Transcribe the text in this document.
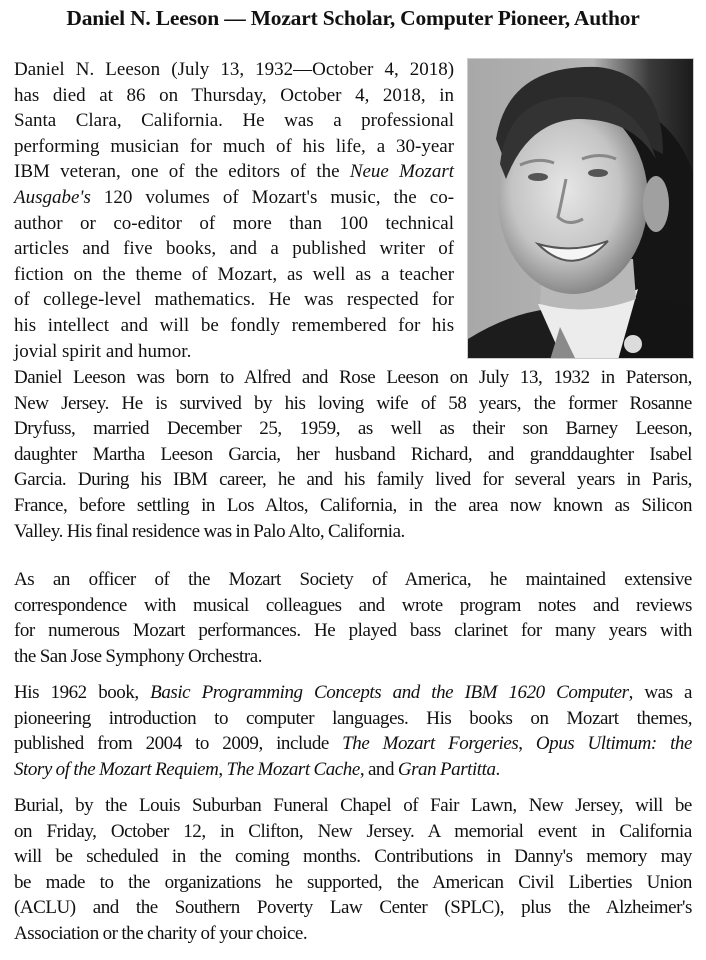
Daniel N. Leeson — Mozart Scholar, Computer Pioneer, Author
Daniel N. Leeson (July 13, 1932—October 4, 2018)
has died at 86 on Thursday, October 4, 2018, in
Santa Clara, California. He was a professional
performing musician for much of his life, a 30-year
IBM veteran, one of the editors of the Neue Mozart
Ausgabe's 120 volumes of Mozart's music, the co-
author or co-editor of more than 100 technical
articles and five books, and a published writer of
fiction on the theme of Mozart, as well as a teacher
of college-level mathematics. He was respected for
his intellect and will be fondly remembered for his
jovial spirit and humor.
Daniel Leeson was born to Alfred and Rose Leeson on July 13, 1932 in Paterson,
New Jersey. He is survived by his loving wife of 58 years, the former Rosanne
Dryfuss, married December 25, 1959, as well as their son Barney Leeson,
daughter Martha Leeson Garcia, her husband Richard, and granddaughter Isabel
Garcia. During his IBM career, he and his family lived for several years in Paris,
France, before settling in Los Altos, California, in the area now known as Silicon
Valley. His final residence was in Palo Alto, California.
As an officer of the Mozart Society of America, he maintained extensive
correspondence with musical colleagues and wrote program notes and reviews
for numerous Mozart performances. He played bass clarinet for many years with
the San Jose Symphony Orchestra.
His 1962 book, Basic Programming Concepts and the IBM 1620 Computer, was a
pioneering introduction to computer languages. His books on Mozart themes,
published from 2004 to 2009, include The Mozart Forgeries, Opus Ultimum: the
Story of the Mozart Requiem, The Mozart Cache, and Gran Partitta.
Burial, by the Louis Suburban Funeral Chapel of Fair Lawn, New Jersey, will be
on Friday, October 12, in Clifton, New Jersey. A memorial event in California
will be scheduled in the coming months. Contributions in Danny's memory may
be made to the organizations he supported, the American Civil Liberties Union
(ACLU) and the Southern Poverty Law Center (SPLC), plus the Alzheimer's
Association or the charity of your choice.
